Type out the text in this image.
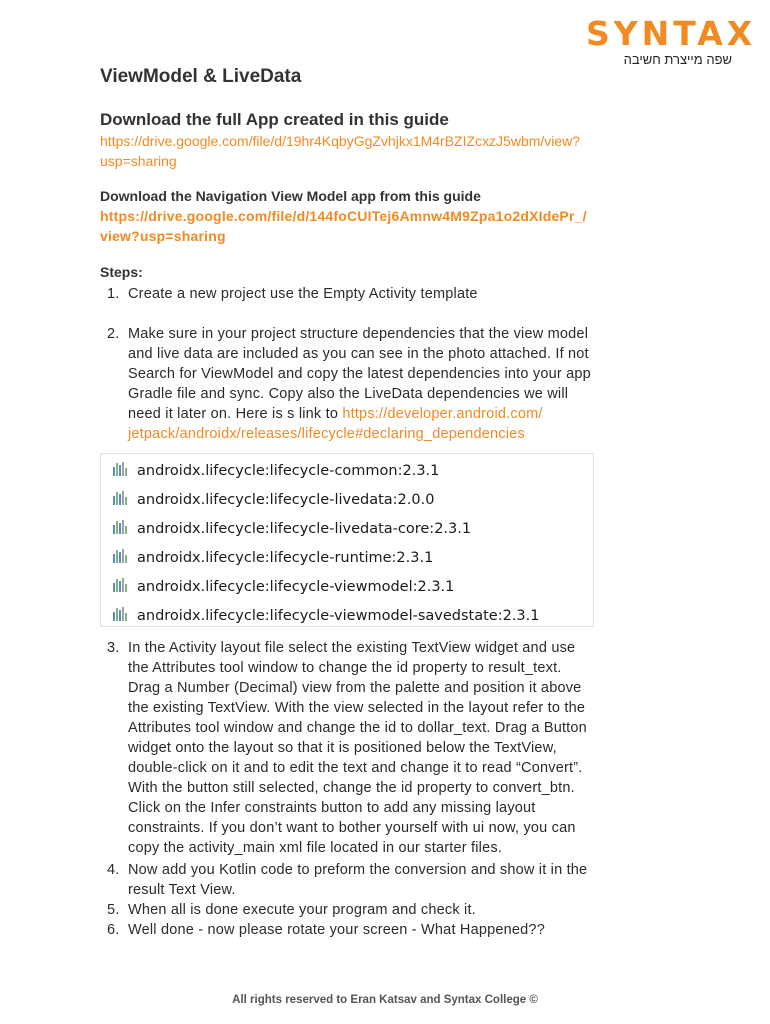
SYNTAX
שפה מייצרת חשיבה
ViewModel & LiveData
Download the full App created in this guide
https://drive.google.com/file/d/19hr4KqbyGgZvhjkx1M4rBZIZcxzJ5wbm/view?
usp=sharing
Download the Navigation View Model app from this guide
https://drive.google.com/file/d/144foCUITej6Amnw4M9Zpa1o2dXIdePr_/
view?usp=sharing
Steps:
1. Create a new project use the Empty Activity template
2. Make sure in your project structure dependencies that the view model
and live data are included as you can see in the photo attached. If not
Search for ViewModel and copy the latest dependencies into your app
Gradle file and sync. Copy also the LiveData dependencies we will
need it later on. Here is s link to https://developer.android.com/
jetpack/androidx/releases/lifecycle#declaring_dependencies
androidx.lifecycle:lifecycle-common:2.3.1
androidx.lifecycle:lifecycle-livedata:2.0.0
androidx.lifecycle:lifecycle-livedata-core:2.3.1
androidx.lifecycle:lifecycle-runtime:2.3.1
androidx.lifecycle:lifecycle-viewmodel:2.3.1
androidx.lifecycle:lifecycle-viewmodel-savedstate:2.3.1
3. In the Activity layout file select the existing TextView widget and use
the Attributes tool window to change the id property to result_text.
Drag a Number (Decimal) view from the palette and position it above
the existing TextView. With the view selected in the layout refer to the
Attributes tool window and change the id to dollar_text. Drag a Button
widget onto the layout so that it is positioned below the TextView,
double-click on it and to edit the text and change it to read “Convert”.
With the button still selected, change the id property to convert_btn.
Click on the Infer constraints button to add any missing layout
constraints. If you don’t want to bother yourself with ui now, you can
copy the activity_main xml file located in our starter files.
4. Now add you Kotlin code to preform the conversion and show it in the
result Text View.
5. When all is done execute your program and check it.
6. Well done - now please rotate your screen - What Happened??
All rights reserved to Eran Katsav and Syntax College ©
